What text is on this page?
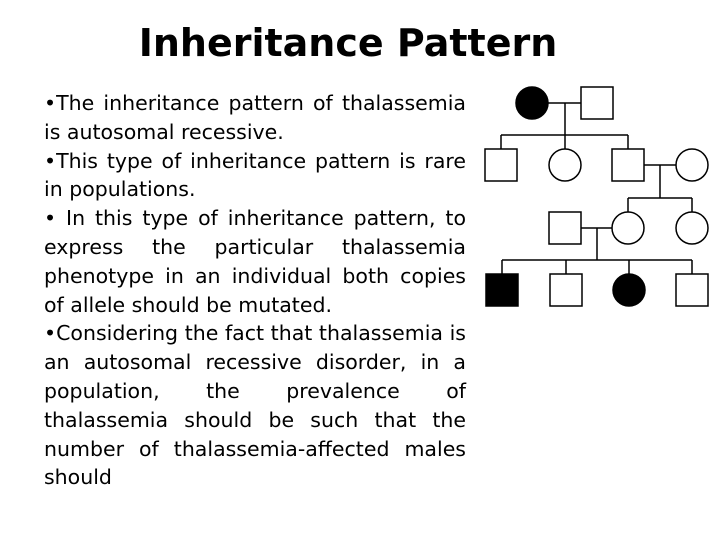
Inheritance Pattern
•The inheritance pattern of thalassemia is autosomal recessive.
•This type of inheritance pattern is rare in populations.
• In this type of inheritance pattern, to express the particular thalassemia phenotype in an individual both copies of allele should be mutated.
•Considering the fact that thalassemia is an autosomal recessive disorder, in a population, the prevalence of thalassemia should be such that the number of thalassemia-affected males should
